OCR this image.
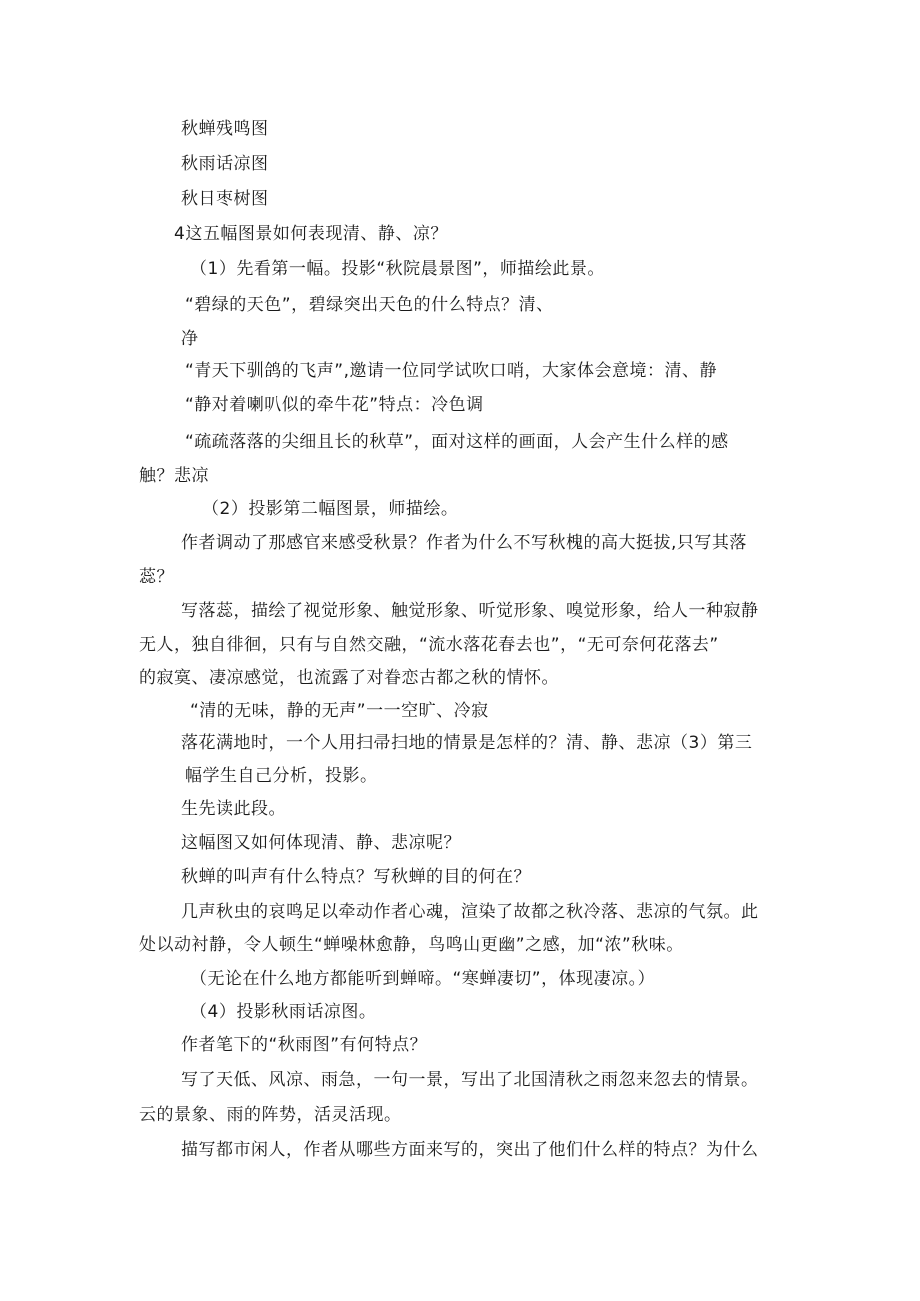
秋蝉残鸣图
秋雨话凉图
秋日枣树图
4这五幅图景如何表现清、静、凉？
（1）先看第一幅。投影“秋院晨景图”，师描绘此景。
“碧绿的天色”，碧绿突出天色的什么特点？清、
净
“青天下驯鸽的飞声”,邀请一位同学试吹口哨，大家体会意境：清、静
“静对着喇叭似的牵牛花”特点：冷色调
“疏疏落落的尖细且长的秋草”，面对这样的画面，人会产生什么样的感
触？悲凉
（2）投影第二幅图景，师描绘。
作者调动了那感官来感受秋景？作者为什么不写秋槐的高大挺拔,只写其落
蕊？
写落蕊，描绘了视觉形象、触觉形象、听觉形象、嗅觉形象，给人一种寂静
无人，独自徘徊，只有与自然交融，“流水落花春去也”，“无可奈何花落去”
的寂寞、凄凉感觉，也流露了对眷恋古都之秋的情怀。
“清的无味，静的无声”一一空旷、冷寂
落花满地时，一个人用扫帚扫地的情景是怎样的？清、静、悲凉（3）第三
幅学生自己分析，投影。
生先读此段。
这幅图又如何体现清、静、悲凉呢？
秋蝉的叫声有什么特点？写秋蝉的目的何在？
几声秋虫的哀鸣足以牵动作者心魂，渲染了故都之秋冷落、悲凉的气氛。此
处以动衬静，令人顿生“蝉噪林愈静，鸟鸣山更幽”之感，加“浓”秋味。
（无论在什么地方都能听到蝉啼。“寒蝉凄切”，体现凄凉。）
（4）投影秋雨话凉图。
作者笔下的“秋雨图”有何特点？
写了天低、风凉、雨急，一句一景，写出了北国清秋之雨忽来忽去的情景。
云的景象、雨的阵势，活灵活现。
描写都市闲人，作者从哪些方面来写的，突出了他们什么样的特点？为什么
